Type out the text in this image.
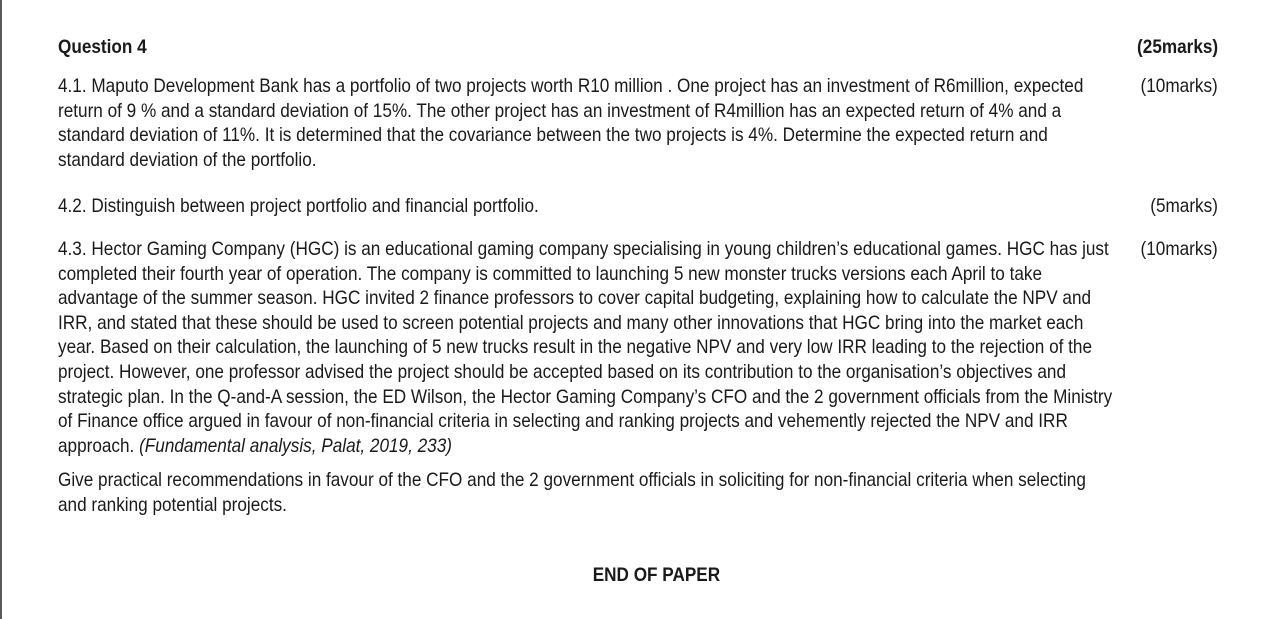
Question 4	(25marks)
4.1. Maputo Development Bank has a portfolio of two projects worth R10 million . One project has an investment of R6million, expected return of 9 % and a standard deviation of 15%. The other project has an investment of R4million has an expected return of 4% and a standard deviation of 11%. It is determined that the covariance between the two projects is 4%. Determine the expected return and standard deviation of the portfolio.
(10marks)
4.2. Distinguish between project portfolio and financial portfolio.	(5marks)
4.3. Hector Gaming Company (HGC) is an educational gaming company specialising in young children’s educational games. HGC has just completed their fourth year of operation. The company is committed to launching 5 new monster trucks versions each April to take advantage of the summer season. HGC invited 2 finance professors to cover capital budgeting, explaining how to calculate the NPV and IRR, and stated that these should be used to screen potential projects and many other innovations that HGC bring into the market each year. Based on their calculation, the launching of 5 new trucks result in the negative NPV and very low IRR leading to the rejection of the project. However, one professor advised the project should be accepted based on its contribution to the organisation’s objectives and strategic plan. In the Q-and-A session, the ED Wilson, the Hector Gaming Company’s CFO and the 2 government officials from the Ministry of Finance office argued in favour of non-financial criteria in selecting and ranking projects and vehemently rejected the NPV and IRR approach. (Fundamental analysis, Palat, 2019, 233)
(10marks)
Give practical recommendations in favour of the CFO and the 2 government officials in soliciting for non-financial criteria when selecting and ranking potential projects.
END OF PAPER
